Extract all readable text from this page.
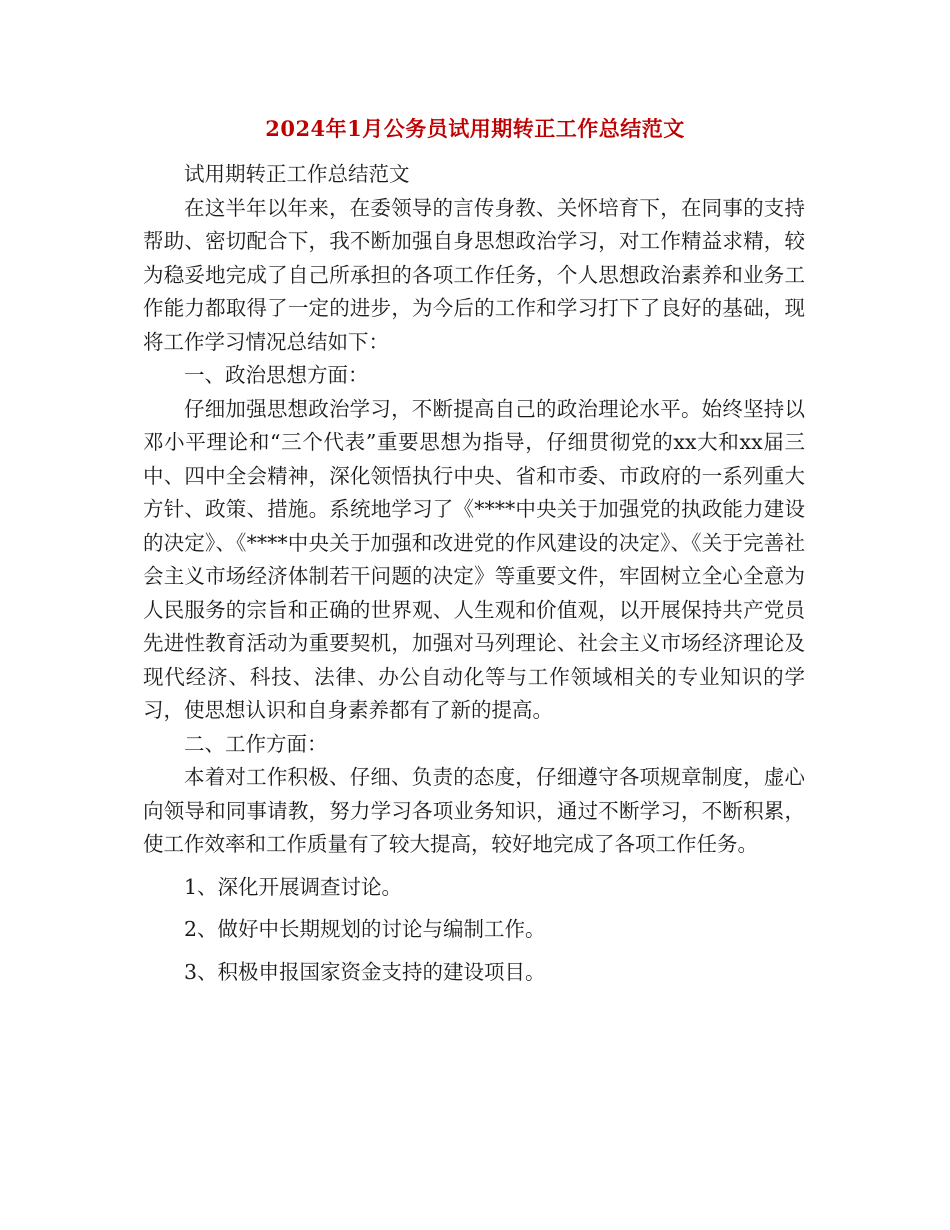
2024年1月公务员试用期转正工作总结范文

试用期转正工作总结范文

在这半年以年来，在委领导的言传身教、关怀培育下，在同事的支持帮助、密切配合下，我不断加强自身思想政治学习，对工作精益求精，较为稳妥地完成了自己所承担的各项工作任务，个人思想政治素养和业务工作能力都取得了一定的进步，为今后的工作和学习打下了良好的基础，现将工作学习情况总结如下：

一、政治思想方面：

仔细加强思想政治学习，不断提高自己的政治理论水平。始终坚持以邓小平理论和“三个代表”重要思想为指导，仔细贯彻党的xx大和xx届三中、四中全会精神，深化领悟执行中央、省和市委、市政府的一系列重大方针、政策、措施。系统地学习了《****中央关于加强党的执政能力建设的决定》、《****中央关于加强和改进党的作风建设的决定》、《关于完善社会主义市场经济体制若干问题的决定》等重要文件，牢固树立全心全意为人民服务的宗旨和正确的世界观、人生观和价值观，以开展保持共产党员先进性教育活动为重要契机，加强对马列理论、社会主义市场经济理论及现代经济、科技、法律、办公自动化等与工作领域相关的专业知识的学习，使思想认识和自身素养都有了新的提高。

二、工作方面：

本着对工作积极、仔细、负责的态度，仔细遵守各项规章制度，虚心向领导和同事请教，努力学习各项业务知识，通过不断学习，不断积累，使工作效率和工作质量有了较大提高，较好地完成了各项工作任务。

1、深化开展调查讨论。

2、做好中长期规划的讨论与编制工作。

3、积极申报国家资金支持的建设项目。
